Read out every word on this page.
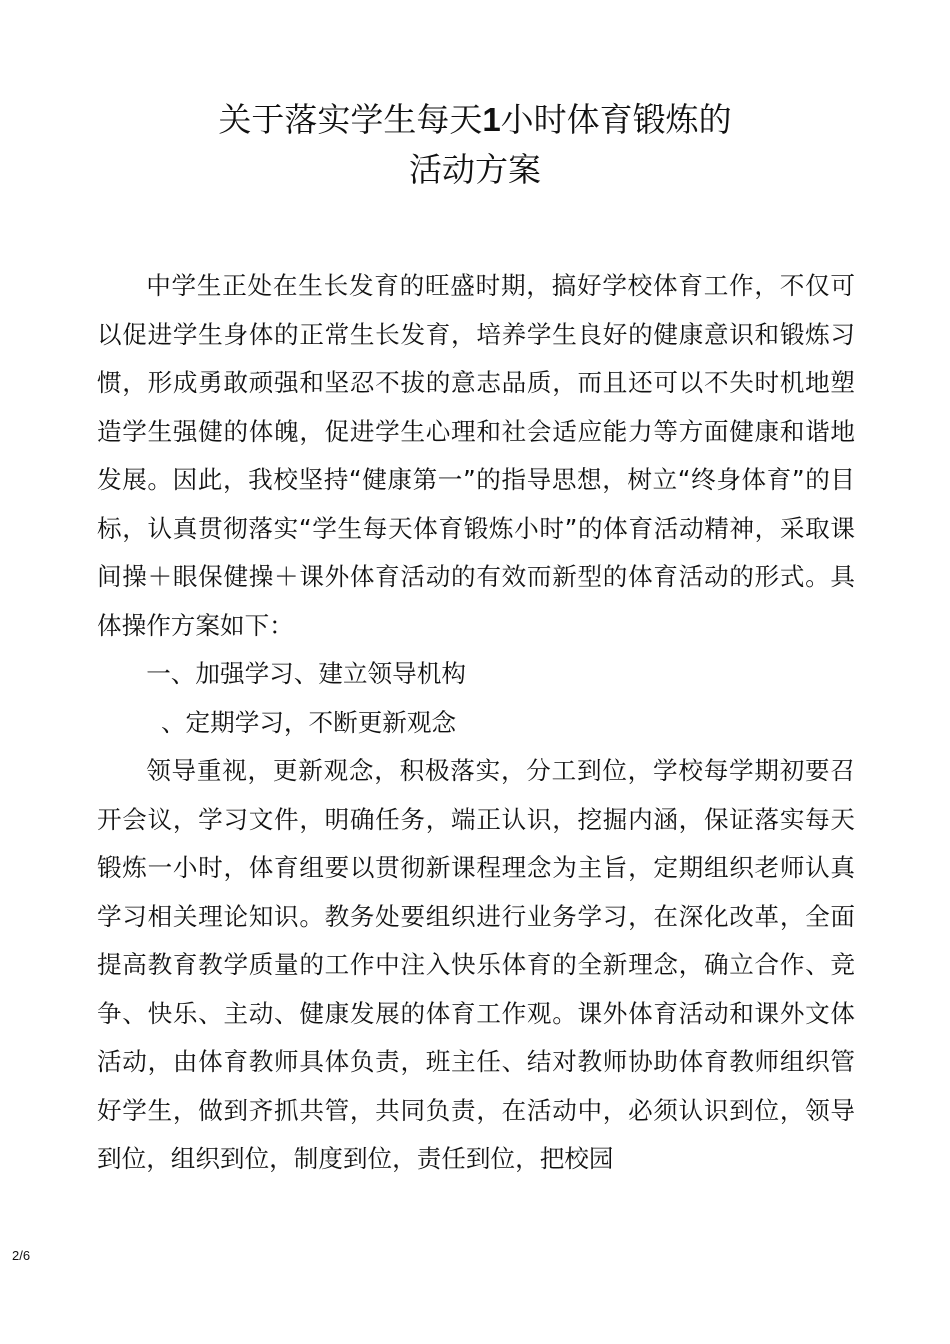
关于落实学生每天1小时体育锻炼的
活动方案

中学生正处在生长发育的旺盛时期，搞好学校体育工作，不仅可以促进学生身体的正常生长发育，培养学生良好的健康意识和锻炼习惯，形成勇敢顽强和坚忍不拔的意志品质，而且还可以不失时机地塑造学生强健的体魄，促进学生心理和社会适应能力等方面健康和谐地发展。因此，我校坚持“健康第一”的指导思想，树立“终身体育”的目标，认真贯彻落实“学生每天体育锻炼小时”的体育活动精神，采取课间操＋眼保健操＋课外体育活动的有效而新型的体育活动的形式。具体操作方案如下：

一、加强学习、建立领导机构

、定期学习，不断更新观念

领导重视，更新观念，积极落实，分工到位，学校每学期初要召开会议，学习文件，明确任务，端正认识，挖掘内涵，保证落实每天锻炼一小时，体育组要以贯彻新课程理念为主旨，定期组织老师认真学习相关理论知识。教务处要组织进行业务学习，在深化改革，全面提高教育教学质量的工作中注入快乐体育的全新理念，确立合作、竞争、快乐、主动、健康发展的体育工作观。课外体育活动和课外文体活动，由体育教师具体负责，班主任、结对教师协助体育教师组织管好学生，做到齐抓共管，共同负责，在活动中，必须认识到位，领导到位，组织到位，制度到位，责任到位，把校园

2/6
